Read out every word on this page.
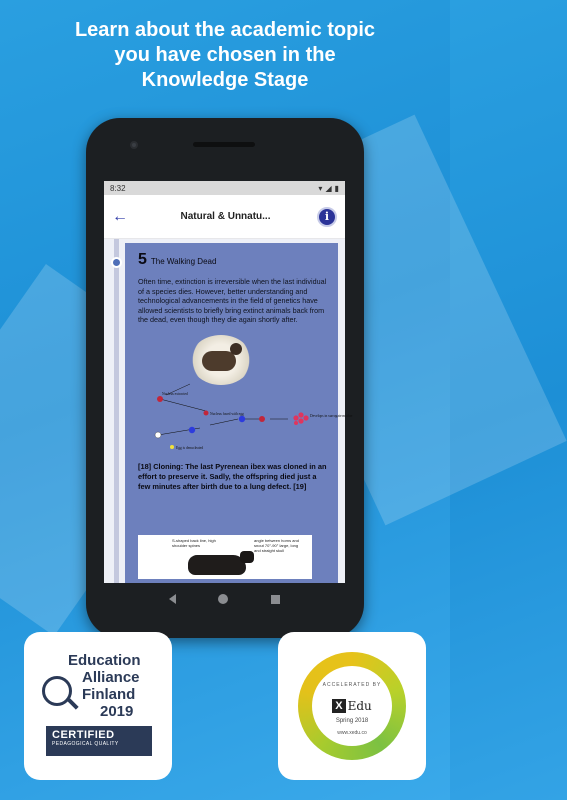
Learn about the academic topic
you have chosen in the
Knowledge Stage
8:32	▾ ◢ ▮
←	Natural & Unnatu...	i
5 The Walking Dead

Often time, extinction is irreversible when the last individual of a species dies. However, better understanding and technological advancements in the field of genetics have allowed scientists to briefly bring extinct animals back from the dead, even though they die again shortly after.

Nucleus extracted
Nucleus fused with egg	Develops in surrogate mother
Egg is denucleated

[18] Cloning: The last Pyrenean ibex was cloned in an effort to preserve it. Sadly, the offspring died just a few minutes after birth due to a lung defect. [19]

S-shaped back line, high shoulder spines
angle between horns and snout 70°-90° large, long and straight skull
Education
Alliance
Finland
2019
CERTIFIED
PEDAGOGICAL QUALITY
ACCELERATED BY
X Edu
Spring 2018
www.xedu.co
